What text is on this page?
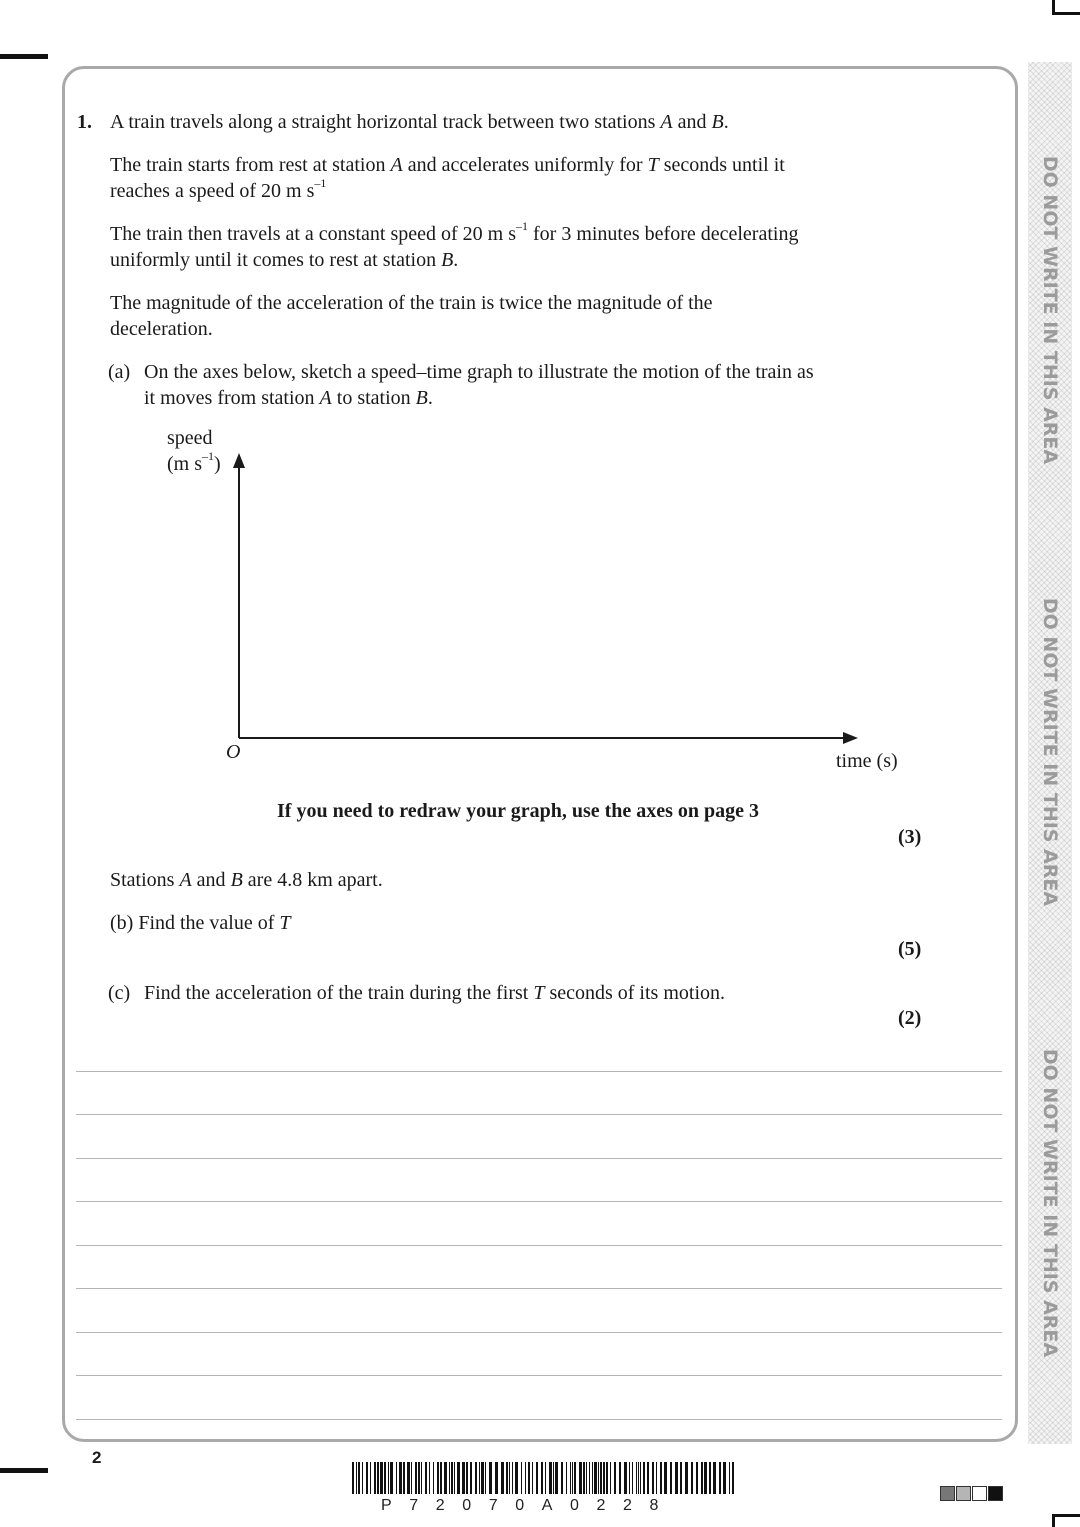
DO NOT WRITE IN THIS AREA
DO NOT WRITE IN THIS AREA
DO NOT WRITE IN THIS AREA
1. A train travels along a straight horizontal track between two stations A and B.
The train starts from rest at station A and accelerates uniformly for T seconds until it
reaches a speed of 20 m $s^{-1}$
The train then travels at a constant speed of 20 m $s^{-1}$ for 3 minutes before decelerating
uniformly until it comes to rest at station B.
The magnitude of the acceleration of the train is twice the magnitude of the
deceleration.
(a) On the axes below, sketch a speed–time graph to illustrate the motion of the train as
it moves from station A to station B.
speed
(m $s^{-1}$)
O	time (s)
If you need to redraw your graph, use the axes on page 3
(3)
Stations A and B are 4.8 km apart.
(b) Find the value of T
(5)
(c) Find the acceleration of the train during the first T seconds of its motion.
(2)
2
P72070A0228
